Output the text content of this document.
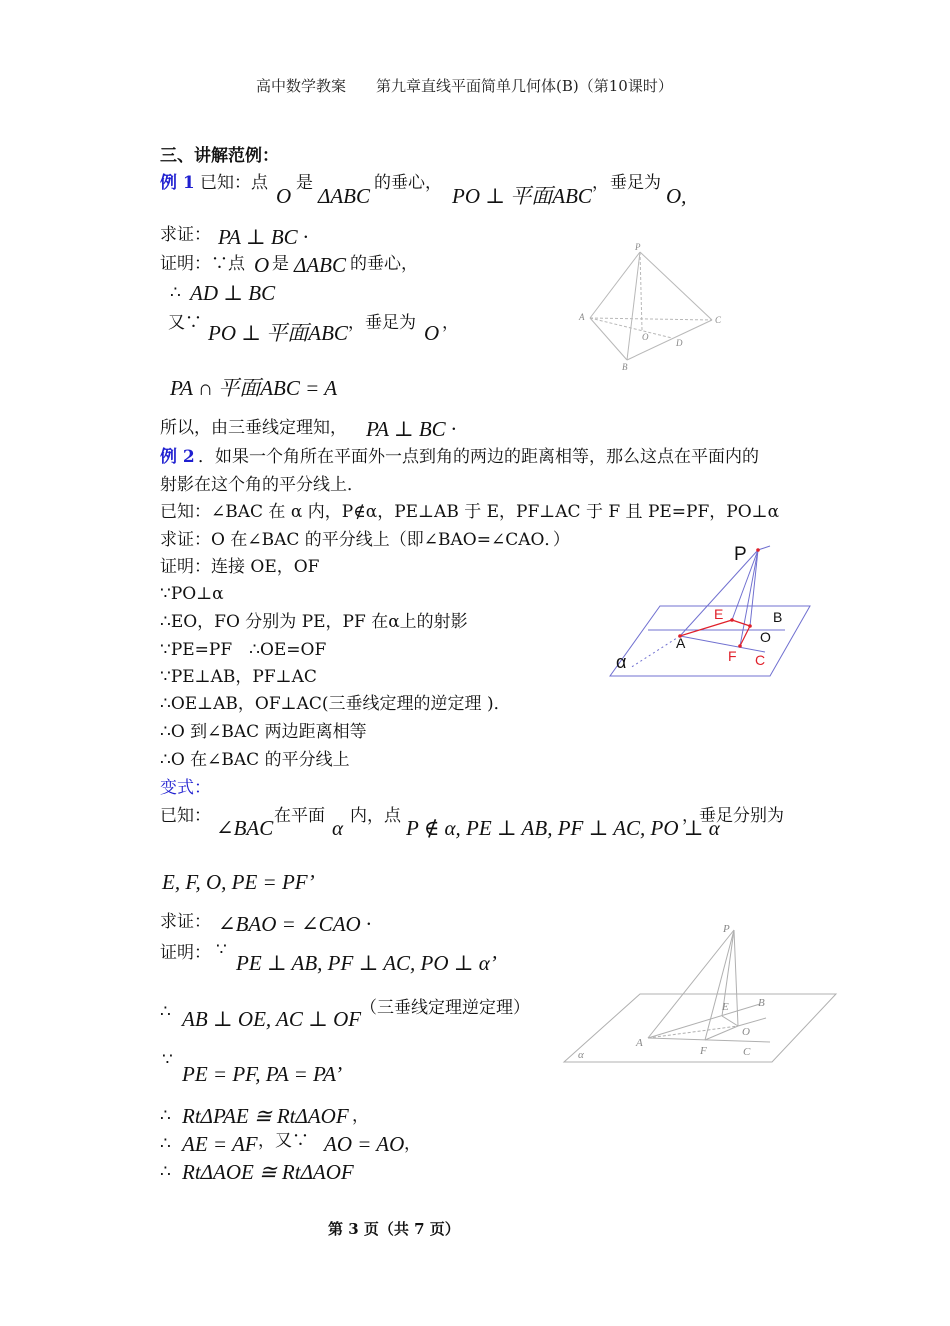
高中数学教案　　第九章直线平面简单几何体(B)（第10课时）
三、讲解范例：
例 1 已知：点
O
是
ΔABC
的垂心，
PO ⊥ 平面ABC
， 垂足为
O,
求证： PA ⊥ BC ·
证明：∵点 O 是 ΔABC 的垂心，
∴ AD ⊥ BC
又∵ PO ⊥ 平面ABC ，垂足为 O ，
PA ∩ 平面ABC = A
所以，由三垂线定理知， PA ⊥ BC ·
P
A	C
O
D
B
例 2 ．如果一个角所在平面外一点到角的两边的距离相等，那么这点在平面内的
射影在这个角的平分线上．
已知：∠BAC 在 α 内，P∉α，PE⊥AB 于 E，PF⊥AC 于 F 且 PE=PF，PO⊥α
求证：O 在∠BAC 的平分线上（即∠BAO=∠CAO．）
证明：连接 OE，OF
∵PO⊥α
∴EO，FO 分别为 PE，PF 在α上的射影
∵PE=PF　∴OE=OF
∵PE⊥AB，PF⊥AC
∴OE⊥AB，OF⊥AC(三垂线定理的逆定理 )．
∴O 到∠BAC 两边距离相等
∴O 在∠BAC 的平分线上
P
E	B
A	O
F C
α
变式：
已知： ∠BAC 在平面 α 内，点 P ∉ α, PE ⊥ AB, PF ⊥ AC, PO ⊥ α
，垂足分别为
E, F, O, PE = PF’
求证： ∠BAO = ∠CAO ·
证明： ∵
PE ⊥ AB, PF ⊥ AC, PO ⊥ α’
∴ AB ⊥ OE, AC ⊥ OF
（三垂线定理逆定理）
∵
PE = PF, PA = PA’
∴ RtΔPAE ≅ RtΔAOF ，
∴ AE = AF ，又∵ AO = AO ，
∴ RtΔAOE ≅ RtΔAOF
P
E	B
A
O
F	C
α
第 3 页（共 7 页）
